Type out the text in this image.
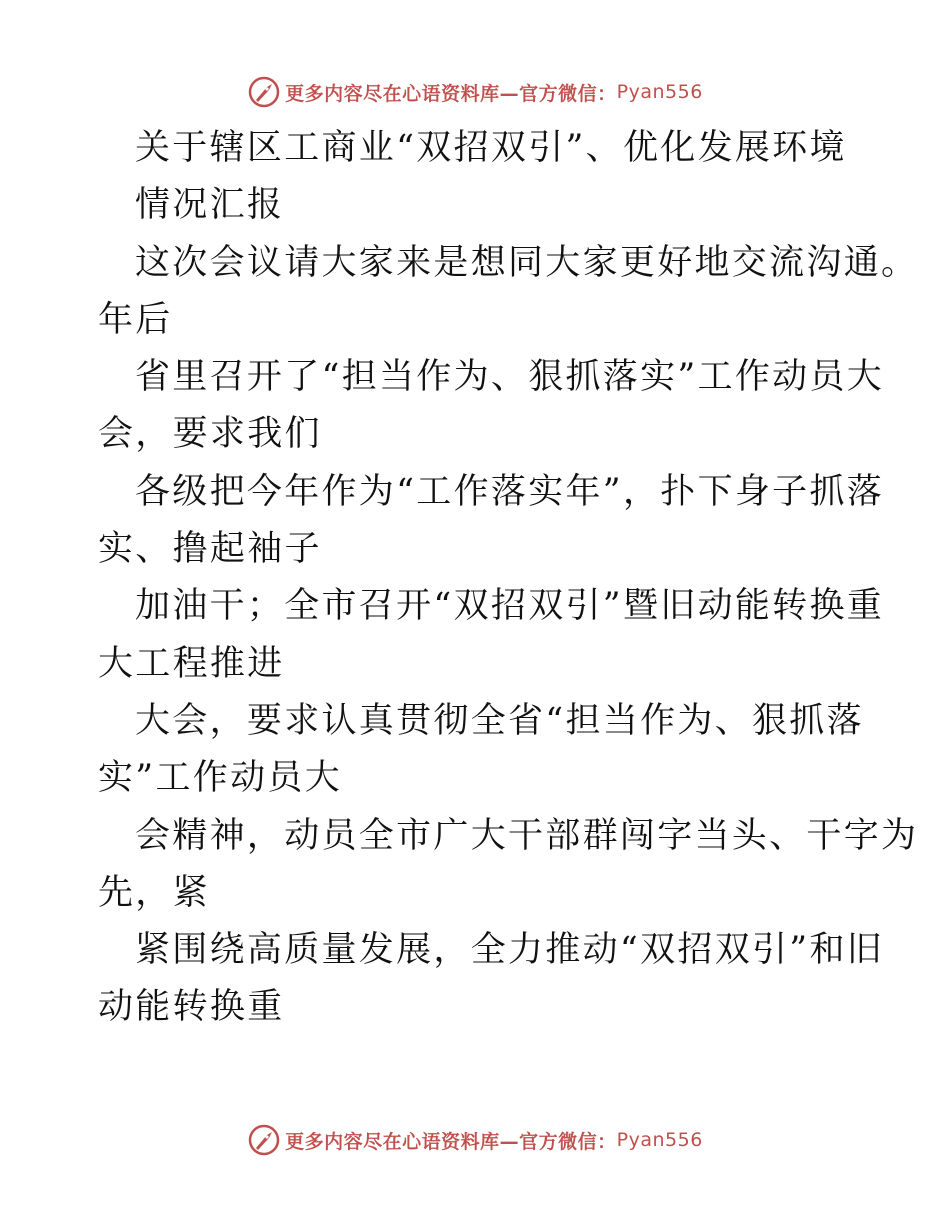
更多内容尽在心语资料库—官方微信： Pyan556
关于辖区工商业“双招双引”、优化发展环境
情况汇报
这次会议请大家来是想同大家更好地交流沟通。
年后
省里召开了“担当作为、狠抓落实”工作动员大
会，要求我们
各级把今年作为“工作落实年”，扑下身子抓落
实、撸起袖子
加油干；全市召开“双招双引”暨旧动能转换重
大工程推进
大会，要求认真贯彻全省“担当作为、狠抓落
实”工作动员大
会精神，动员全市广大干部群闯字当头、干字为
先，紧
紧围绕高质量发展，全力推动“双招双引”和旧
动能转换重
更多内容尽在心语资料库—官方微信： Pyan556
